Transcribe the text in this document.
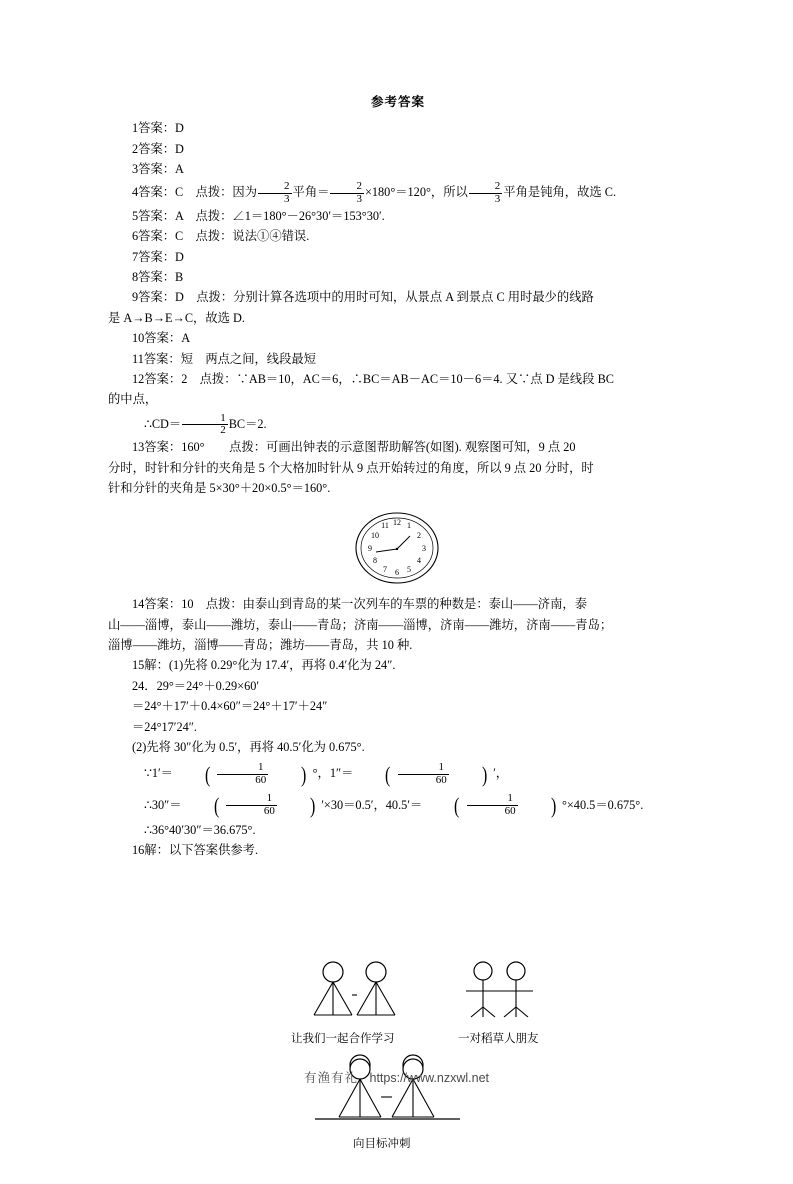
参考答案
1答案：D
2答案：D
3答案：A
4答案：C　点拨：因为 $\frac{2}{3}$ 平角＝ $\frac{2}{3} \times 180^\circ=120^\circ$，所以 $\frac{2}{3}$ 平角是钝角，故选 C.
5答案：A　点拨：∠1＝180°－26°30′＝153°30′.
6答案：C　点拨：说法①④错误.
7答案：D
8答案：B
9答案：D　点拨：分别计算各选项中的用时可知，从景点 A 到景点 C 用时最少的线路
是 A→B→E→C，故选 D.
10答案：A
11答案：短　两点之间，线段最短
12答案：2　点拨：∵AB＝10，AC＝6，∴BC＝AB－AC＝10－6＝4. 又∵点 D 是线段 BC
的中点，
∴CD＝ $\frac{1}{2} BC=2$.
13答案：160°　　点拨：可画出钟表的示意图帮助解答(如图). 观察图可知，9 点 20
分时，时针和分针的夹角是 5 个大格加时针从 9 点开始转过的角度，所以 9 点 20 分时，时
针和分针的夹角是 5×30°＋20×0.5°＝160°.
12 1
2
3
4
5
6
7
8
9
10
11
14答案：10　点拨：由泰山到青岛的某一次列车的车票的种数是：泰山——济南，泰
山——淄博，泰山——潍坊，泰山——青岛；济南——淄博，济南——潍坊，济南——青岛；
淄博——潍坊，淄博——青岛；潍坊——青岛，共 10 种.
15解：(1)先将 0.29°化为 17.4′，再将 0.4′化为 24″.
24．29°＝24°＋0.29×60′
＝24°＋17′＋0.4×60″＝24°＋17′＋24″
＝24°17′24″.
(2)先将 30″化为 0.5′，再将 40.5′化为 0.675°.
∵1′＝ ( $\frac{1}{60}$ ) °，1″＝ ( $\frac{1}{60}$ ) ′，
∴30″＝ ( $\frac{1}{60}$ ) ′×30＝0.5′，40.5′＝ ( $\frac{1}{60}$ ) °×40.5＝0.675°.
∴36°40′30″＝36.675°.
16解：以下答案供参考.
让我们一起合作学习	一对稻草人朋友
向目标冲刺
有渔有礼 https://www.nzxwl.net
